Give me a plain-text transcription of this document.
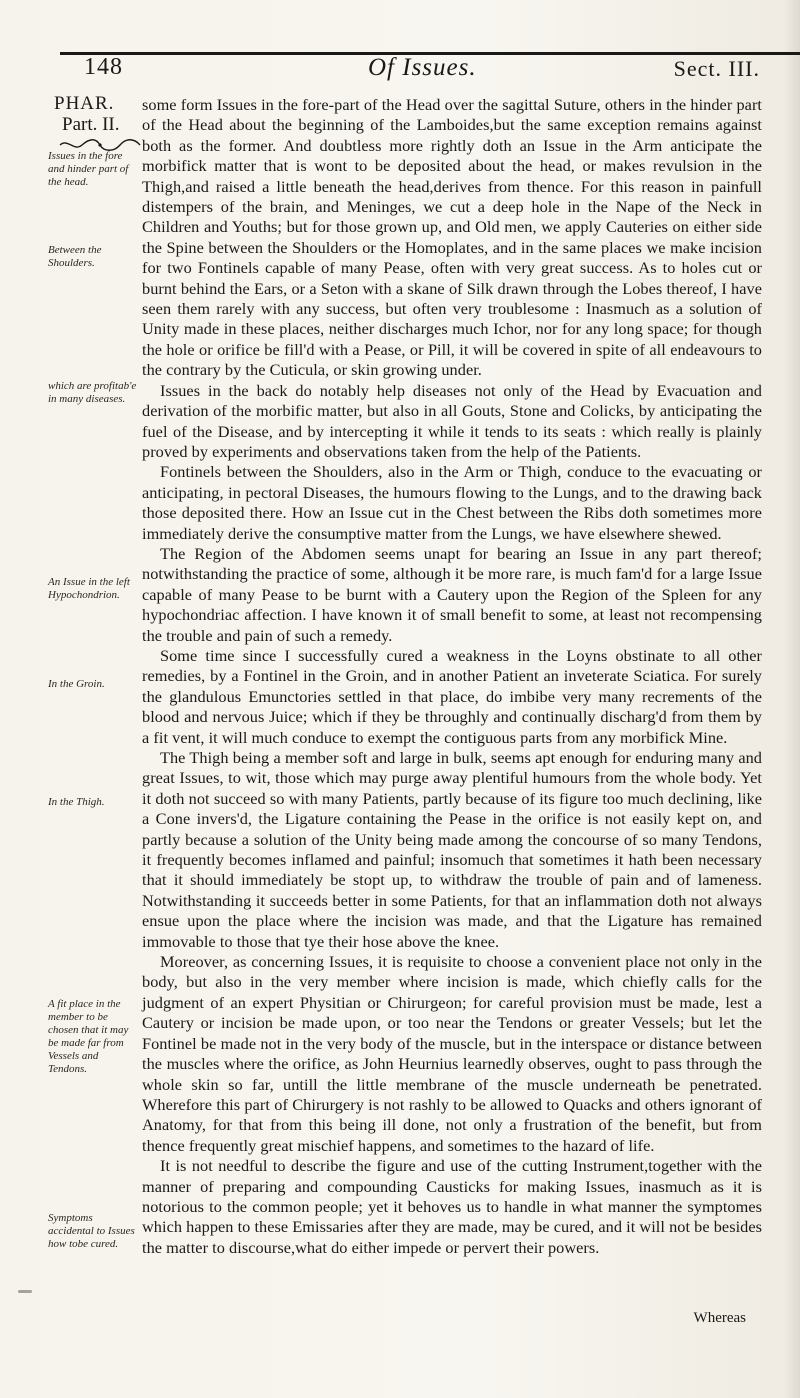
148	Of Issues.	Sect. III.
PHAR.
Part. II.
Issues in the fore and hinder part of the head.
Between the Shoulders.
which are profitab'e in many diseases.
An Issue in the left Hypochondrion.
In the Groin.
In the Thigh.
A fit place in the member to be chosen that it may be made far from Vessels and Tendons.
Symptoms accidental to Issues how tobe cured.

some form Issues in the fore-part of the Head over the sagittal Suture, others in the hinder part of the Head about the beginning of the Lamboides,but the same exception remains against both as the former. And doubtless more rightly doth an Issue in the Arm anticipate the morbifick matter that is wont to be deposited about the head, or makes revulsion in the Thigh,and raised a little beneath the head,derives from thence. For this reason in painfull distempers of the brain, and Meninges, we cut a deep hole in the Nape of the Neck in Children and Youths; but for those grown up, and Old men, we apply Cauteries on either side the Spine between the Shoulders or the Homoplates, and in the same places we make incision for two Fontinels capable of many Pease, often with very great success. As to holes cut or burnt behind the Ears, or a Seton with a skane of Silk drawn through the Lobes thereof, I have seen them rarely with any success, but often very troublesome : Inasmuch as a solution of Unity made in these places, neither discharges much Ichor, nor for any long space; for though the hole or orifice be fill'd with a Pease, or Pill, it will be covered in spite of all endeavours to the contrary by the Cuticula, or skin growing under.

Issues in the back do notably help diseases not only of the Head by Evacuation and derivation of the morbific matter, but also in all Gouts, Stone and Colicks, by anticipating the fuel of the Disease, and by intercepting it while it tends to its seats : which really is plainly proved by experiments and observations taken from the help of the Patients.

Fontinels between the Shoulders, also in the Arm or Thigh, conduce to the evacuating or anticipating, in pectoral Diseases, the humours flowing to the Lungs, and to the drawing back those deposited there. How an Issue cut in the Chest between the Ribs doth sometimes more immediately derive the consumptive matter from the Lungs, we have elsewhere shewed.

The Region of the Abdomen seems unapt for bearing an Issue in any part thereof; notwithstanding the practice of some, although it be more rare, is much fam'd for a large Issue capable of many Pease to be burnt with a Cautery upon the Region of the Spleen for any hypochondriac affection. I have known it of small benefit to some, at least not recompensing the trouble and pain of such a remedy.

Some time since I successfully cured a weakness in the Loyns obstinate to all other remedies, by a Fontinel in the Groin, and in another Patient an inveterate Sciatica. For surely the glandulous Emunctories settled in that place, do imbibe very many recrements of the blood and nervous Juice; which if they be throughly and continually discharg'd from them by a fit vent, it will much conduce to exempt the contiguous parts from any morbifick Mine.

The Thigh being a member soft and large in bulk, seems apt enough for enduring many and great Issues, to wit, those which may purge away plentiful humours from the whole body. Yet it doth not succeed so with many Patients, partly because of its figure too much declining, like a Cone invers'd, the Ligature containing the Pease in the orifice is not easily kept on, and partly because a solution of the Unity being made among the concourse of so many Tendons, it frequently becomes inflamed and painful; insomuch that sometimes it hath been necessary that it should immediately be stopt up, to withdraw the trouble of pain and of lameness. Notwithstanding it succeeds better in some Patients, for that an inflammation doth not always ensue upon the place where the incision was made, and that the Ligature has remained immovable to those that tye their hose above the knee.

Moreover, as concerning Issues, it is requisite to choose a convenient place not only in the body, but also in the very member where incision is made, which chiefly calls for the judgment of an expert Physitian or Chirurgeon; for careful provision must be made, lest a Cautery or incision be made upon, or too near the Tendons or greater Vessels; but let the Fontinel be made not in the very body of the muscle, but in the interspace or distance between the muscles where the orifice, as John Heurnius learnedly observes, ought to pass through the whole skin so far, untill the little membrane of the muscle underneath be penetrated. Wherefore this part of Chirurgery is not rashly to be allowed to Quacks and others ignorant of Anatomy, for that from this being ill done, not only a frustration of the benefit, but from thence frequently great mischief happens, and sometimes to the hazard of life.

It is not needful to describe the figure and use of the cutting Instrument,together with the manner of preparing and compounding Causticks for making Issues, inasmuch as it is notorious to the common people; yet it behoves us to handle in what manner the symptomes which happen to these Emissaries after they are made, may be cured, and it will not be besides the matter to discourse,what do either impede or pervert their powers.

Whereas
